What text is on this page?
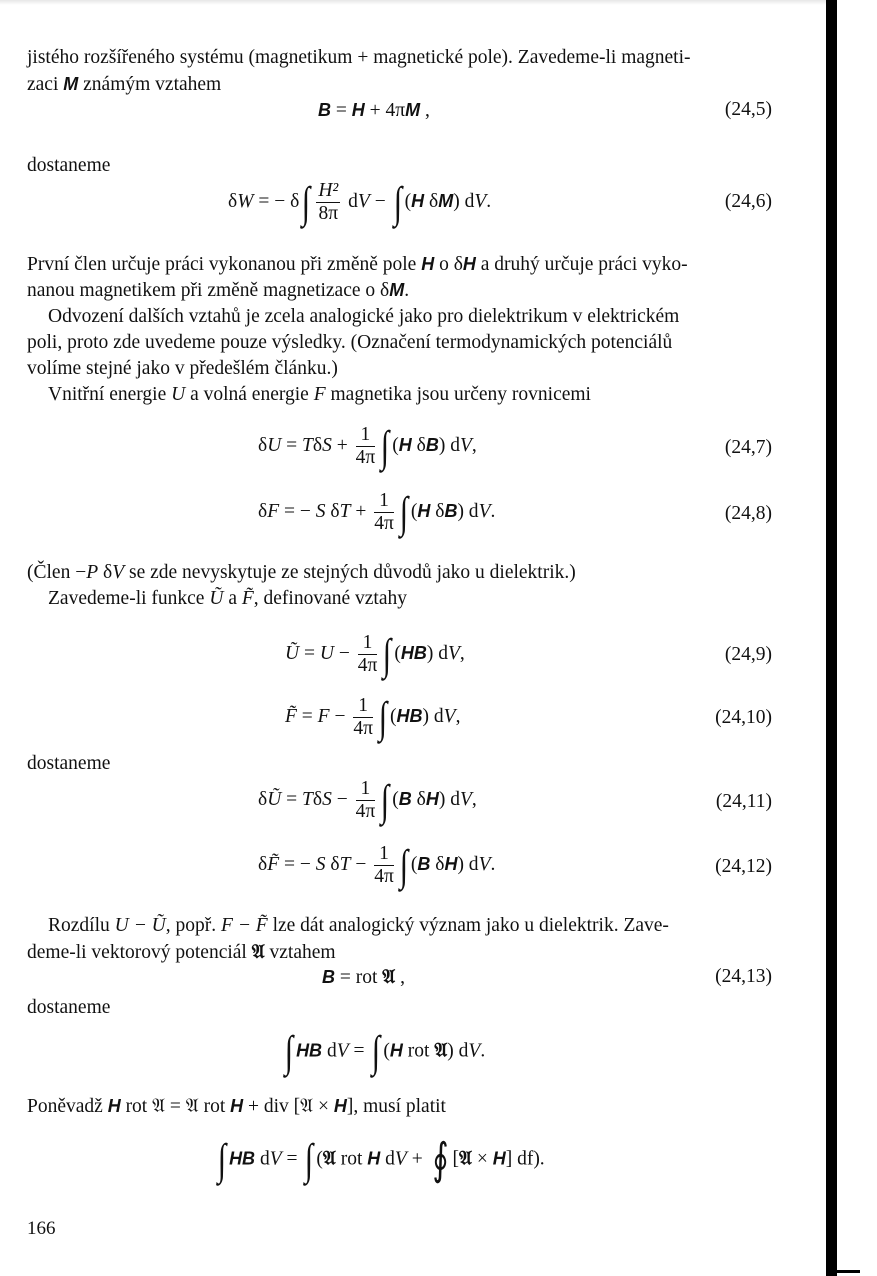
jistého rozšířeného systému (magnetikum + magnetické pole). Zavedeme-li magneti-
zaci M známým vztahem
B = H + 4πM ,	(24,5)
dostaneme
δW = − $\delta\int \frac{\text{H²}}{8\pi}$ dV − ∫ (H δM) dV.	(24,6)
První člen určuje práci vykonanou při změně pole H o δH a druhý určuje práci vyko-
nanou magnetikem při změně magnetizace o δM.
Odvození dalších vztahů je zcela analogické jako pro dielektrikum v elektrickém
poli, proto zde uvedeme pouze výsledky. (Označení termodynamických potenciálů
volíme stejné jako v předešlém článku.)
Vnitřní energie U a volná energie F magnetika jsou určeny rovnicemi
$\delta U = T\delta S + \frac{1}{4\pi}$ ∫ (H δB) dV,	(24,7)
δF = − S $\delta T + \frac{1}{4\pi}$ ∫ (H δB) dV.	(24,8)
(Člen −P δV se zde nevyskytuje ze stejných důvodů jako u dielektrik.)
Zavedeme-li funkce Ũ a F̃, definované vztahy
Ũ = $U - \frac{1}{4\pi}$ ∫ (HB) dV,	(24,9)
F̃ = $F - \frac{1}{4\pi}$ ∫ (HB) dV,	(24,10)
dostaneme
δŨ = $T\delta S - \frac{1}{4\pi}$ ∫ (B δH) dV,	(24,11)
δF̃ = − S $\delta T - \frac{1}{4\pi}$ ∫ (B δH) dV.	(24,12)
Rozdílu U − Ũ, popř. F − F̃ lze dát analogický význam jako u dielektrik. Zave-
deme-li vektorový potenciál 𝔄 vztahem
B = rot 𝔄 ,	(24,13)
dostaneme
∫ HB dV = ∫ (H rot 𝔄) dV.
Poněvadž H rot 𝔄 = 𝔄 rot H + div [𝔄 × H], musí platit
∫ HB dV = ∫ (𝔄 rot H dV + ∮ [𝔄 × H] df).
166
